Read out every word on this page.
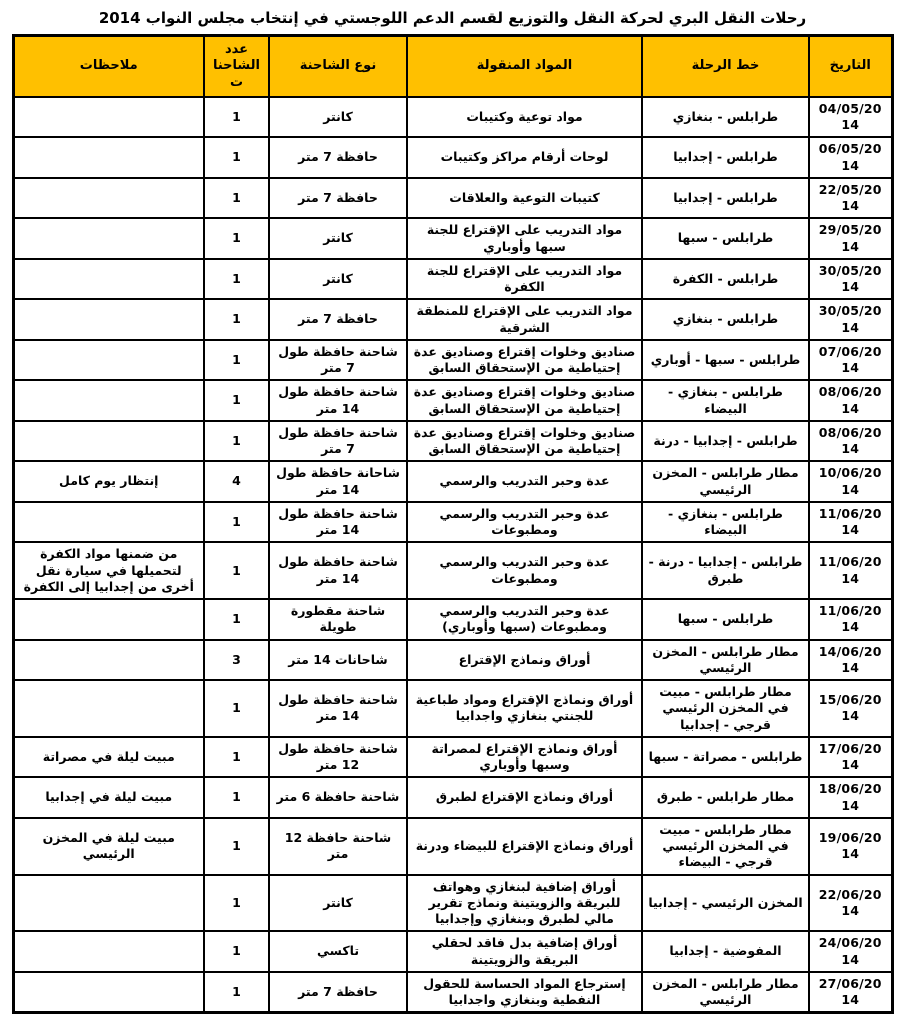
رحلات النقل البري لحركة النقل والتوزيع لقسم الدعم اللوجستي في إنتخاب مجلس النواب 2014
التاريخ	خط الرحلة	المواد المنقولة	نوع الشاحنة	عدد الشاحنات	ملاحظات
04/05/2014	طرابلس - بنغازي	مواد توعية وكتيبات	كانتر	1	
06/05/2014	طرابلس - إجدابيا	لوحات أرقام مراكز وكتيبات	حافظة 7 متر	1	
22/05/2014	طرابلس - إجدابيا	كتيبات التوعية والعلاقات	حافظة 7 متر	1	
29/05/2014	طرابلس - سبها	مواد التدريب على الإقتراع للجنة سبها وأوباري	كانتر	1	
30/05/2014	طرابلس - الكفرة	مواد التدريب على الإقتراع للجنة الكفرة	كانتر	1	
30/05/2014	طرابلس - بنغازي	مواد التدريب على الإقتراع للمنطقة الشرقية	حافظة 7 متر	1	
07/06/2014	طرابلس - سبها - أوباري	صناديق وخلوات إقتراع وصناديق عدة إحتياطية من الإستحقاق السابق	شاحنة حافظة طول 7 متر	1	
08/06/2014	طرابلس - بنغازي - البيضاء	صناديق وخلوات إقتراع وصناديق عدة إحتياطية من الإستحقاق السابق	شاحنة حافظة طول 14 متر	1	
08/06/2014	طرابلس - إجدابيا - درنة	صناديق وخلوات إقتراع وصناديق عدة إحتياطية من الإستحقاق السابق	شاحنة حافظة طول 7 متر	1	
10/06/2014	مطار طرابلس - المخزن الرئيسي	عدة وحبر التدريب والرسمي	شاحانة حافظة طول 14 متر	4	إنتظار يوم كامل
11/06/2014	طرابلس - بنغازي - البيضاء	عدة وحبر التدريب والرسمي ومطبوعات	شاحنة حافظة طول 14 متر	1	
11/06/2014	طرابلس - إجدابيا - درنة - طبرق	عدة وحبر التدريب والرسمي ومطبوعات	شاحنة حافظة طول 14 متر	1	من ضمنها مواد الكفرة لتحميلها في سيارة نقل أخرى من إجدابيا إلى الكفرة
11/06/2014	طرابلس - سبها	عدة وحبر التدريب والرسمي ومطبوعات (سبها وأوباري)	شاحنة مقطورة طويلة	1	
14/06/2014	مطار طرابلس - المخزن الرئيسي	أوراق ونماذج الإقتراع	شاحانات 14 متر	3	
15/06/2014	مطار طرابلس - مبيت في المخزن الرئيسي قرجي - إجدابيا	أوراق ونماذج الإقتراع ومواد طباعية للجنتي بنغازي واجدابيا	شاحنة حافظة طول 14 متر	1	
17/06/2014	طرابلس - مصراتة - سبها	أوراق ونماذج الإقتراع لمصراتة وسبها وأوباري	شاحنة حافظة طول 12 متر	1	مبيت ليلة في مصراتة
18/06/2014	مطار طرابلس - طبرق	أوراق ونماذج الإقتراع لطبرق	شاحنة حافظة 6 متر	1	مبيت ليلة في إجدابيا
19/06/2014	مطار طرابلس - مبيت في المخزن الرئيسي قرجي - البيضاء	أوراق ونماذج الإقتراع للبيضاء ودرنة	شاحنة حافظة 12 متر	1	مبيت ليلة في المخزن الرئيسي
22/06/2014	المخزن الرئيسي - إجدابيا	أوراق إضافية لبنغازي وهواتف للبريقة والزويتينة ونماذج تقرير مالي لطبرق وبنغازي وإجدابيا	كانتر	1	
24/06/2014	المفوضية - إجدابيا	أوراق إضافية بدل فاقد لحقلي البريقة والزويتينة	تاكسي	1	
27/06/2014	مطار طرابلس - المخزن الرئيسي	إسترجاع المواد الحساسة للحقول النفطية وبنغازي واجدابيا	حافظة 7 متر	1	
